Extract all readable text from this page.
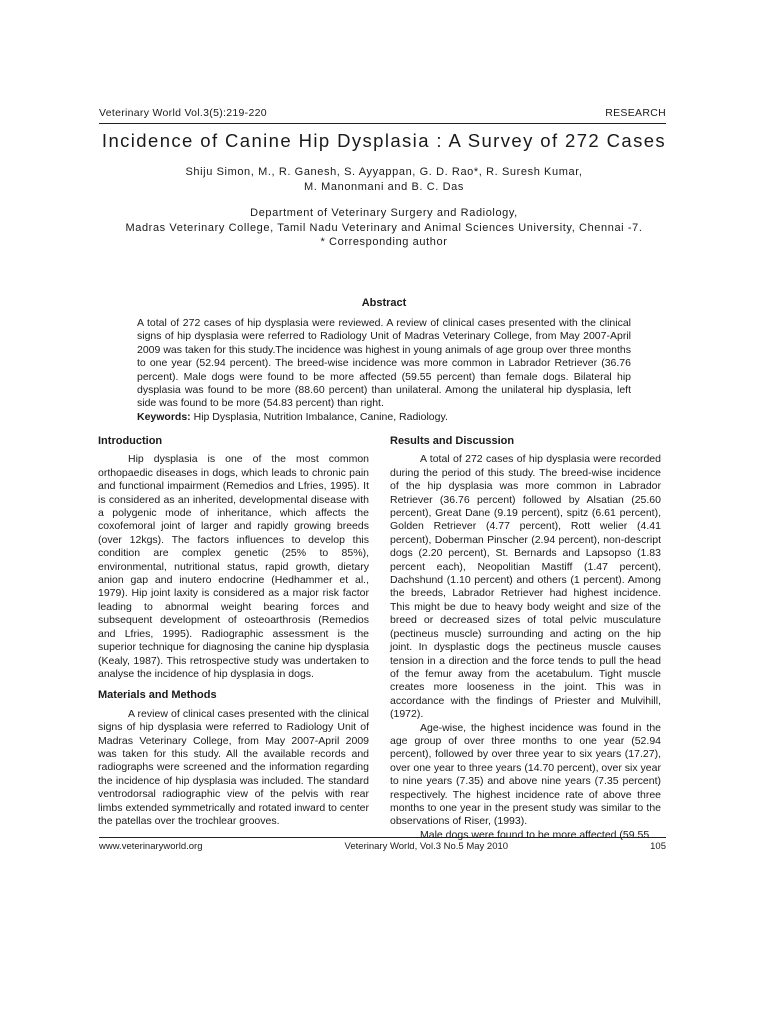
Veterinary World Vol.3(5):219-220	RESEARCH
Incidence of Canine Hip Dysplasia : A Survey of 272 Cases
Shiju Simon, M., R. Ganesh, S. Ayyappan, G. D. Rao*, R. Suresh Kumar,
M. Manonmani and B. C. Das
Department of Veterinary Surgery and Radiology,
Madras Veterinary College, Tamil Nadu Veterinary and Animal Sciences University, Chennai -7.
* Corresponding author
Abstract
A total of 272 cases of hip dysplasia were reviewed. A review of clinical cases presented with the clinical signs of hip dysplasia were referred to Radiology Unit of Madras Veterinary College, from May 2007-April 2009 was taken for this study.The incidence was highest in young animals of age group over three months to one year (52.94 percent). The breed-wise incidence was more common in Labrador Retriever (36.76 percent). Male dogs were found to be more affected (59.55 percent) than female dogs. Bilateral hip dysplasia was found to be more (88.60 percent) than unilateral. Among the unilateral hip dysplasia, left side was found to be more (54.83 percent) than right.
Keywords: Hip Dysplasia, Nutrition Imbalance, Canine, Radiology.
Introduction

Hip dysplasia is one of the most common orthopaedic diseases in dogs, which leads to chronic pain and functional impairment (Remedios and Lfries, 1995). It is considered as an inherited, developmental disease with a polygenic mode of inheritance, which affects the coxofemoral joint of larger and rapidly growing breeds (over 12kgs). The factors influences to develop this condition are complex genetic (25% to 85%), environmental, nutritional status, rapid growth, dietary anion gap and inutero endocrine (Hedhammer et al., 1979). Hip joint laxity is considered as a major risk factor leading to abnormal weight bearing forces and subsequent development of osteoarthrosis (Remedios and Lfries, 1995). Radiographic assessment is the superior technique for diagnosing the canine hip dysplasia (Kealy, 1987). This retrospective study was undertaken to analyse the incidence of hip dysplasia in dogs.

Materials and Methods

A review of clinical cases presented with the clinical signs of hip dysplasia were referred to Radiology Unit of Madras Veterinary College, from May 2007-April 2009 was taken for this study. All the available records and radiographs were screened and the information regarding the incidence of hip dysplasia was included. The standard ventrodorsal radiographic view of the pelvis with rear limbs extended symmetrically and rotated inward to center the patellas over the trochlear grooves.

Results and Discussion

A total of 272 cases of hip dysplasia were recorded during the period of this study. The breed-wise incidence of the hip dysplasia was more common in Labrador Retriever (36.76 percent) followed by Alsatian (25.60 percent), Great Dane (9.19 percent), spitz (6.61 percent), Golden Retriever (4.77 percent), Rott welier (4.41 percent), Doberman Pinscher (2.94 percent), non-descript dogs (2.20 percent), St. Bernards and Lapsopso (1.83 percent each), Neopolitian Mastiff (1.47 percent), Dachshund (1.10 percent) and others (1 percent). Among the breeds, Labrador Retriever had highest incidence. This might be due to heavy body weight and size of the breed or decreased sizes of total pelvic musculature (pectineus muscle) surrounding and acting on the hip joint. In dysplastic dogs the pectineus muscle causes tension in a direction and the force tends to pull the head of the femur away from the acetabulum. Tight muscle creates more looseness in the joint. This was in accordance with the findings of Priester and Mulvihill, (1972).

Age-wise, the highest incidence was found in the age group of over three months to one year (52.94 percent), followed by over three year to six years (17.27), over one year to three years (14.70 percent), over six year to nine years (7.35) and above nine years (7.35 percent) respectively. The highest incidence rate of above three months to one year in the present study was similar to the observations of Riser, (1993).

Male dogs were found to be more affected (59.55

www.veterinaryworld.org	Veterinary World, Vol.3 No.5 May 2010	105
